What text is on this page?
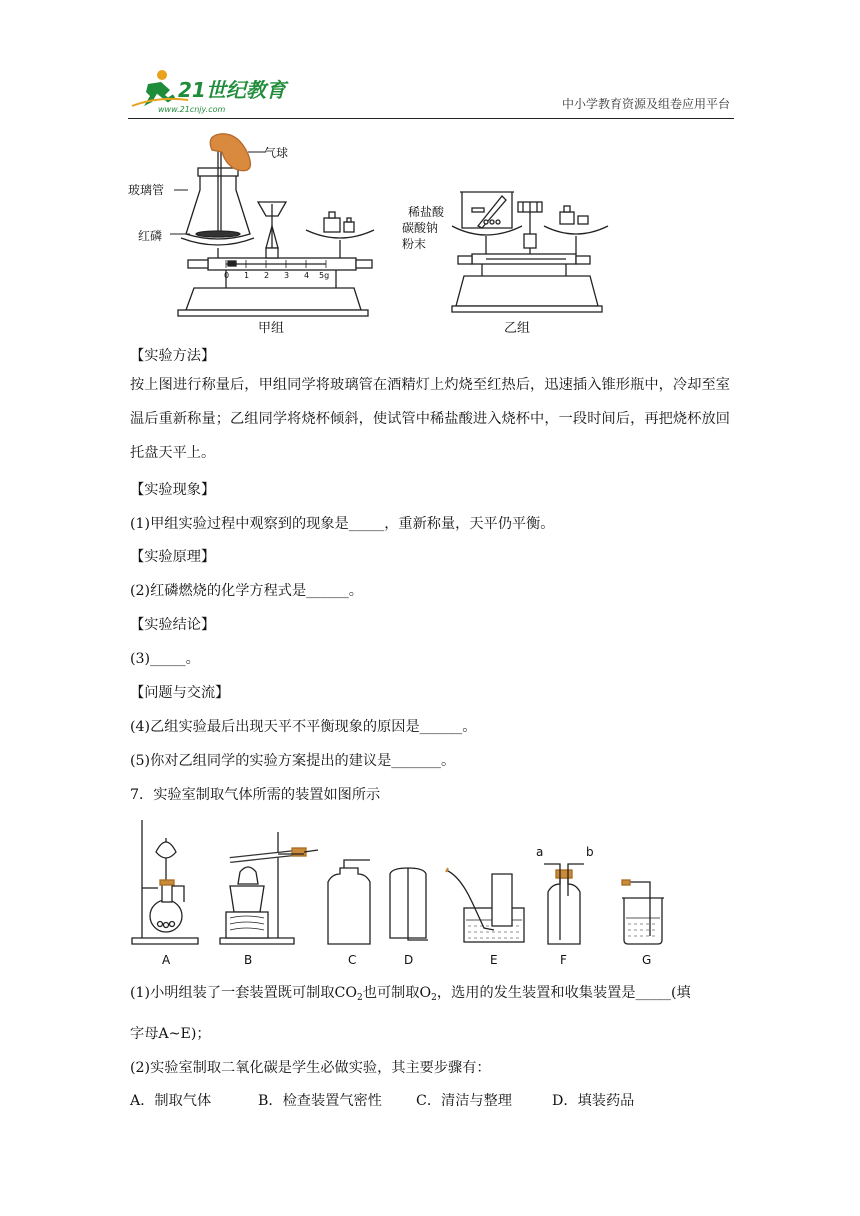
21世纪教育
www.21cnjy.com	中小学教育资源及组卷应用平台
气球
玻璃管
红磷
0 1 2 3 4 5g
甲组
稀盐酸
碳酸钠
粉末
乙组
【实验方法】
按上图进行称量后，甲组同学将玻璃管在酒精灯上灼烧至红热后，迅速插入锥形瓶中，冷却至室温后重新称量；乙组同学将烧杯倾斜，使试管中稀盐酸进入烧杯中，一段时间后，再把烧杯放回托盘天平上。
【实验现象】
(1)甲组实验过程中观察到的现象是_____，重新称量，天平仍平衡。
【实验原理】
(2)红磷燃烧的化学方程式是______。
【实验结论】
(3)_____。
【问题与交流】
(4)乙组实验最后出现天平不平衡现象的原因是______。
(5)你对乙组同学的实验方案提出的建议是_______。
7．实验室制取气体所需的装置如图所示
A	B	C	D	E	F	G
a	b
(1)小明组装了一套装置既可制取$CO_2$也可制取$O_2$，选用的发生装置和收集装置是_____(填
字母A~E)；
(2)实验室制取二氧化碳是学生必做实验，其主要步骤有：
A．制取气体	B．检查装置气密性 C．清洁与整理	D．填装药品
